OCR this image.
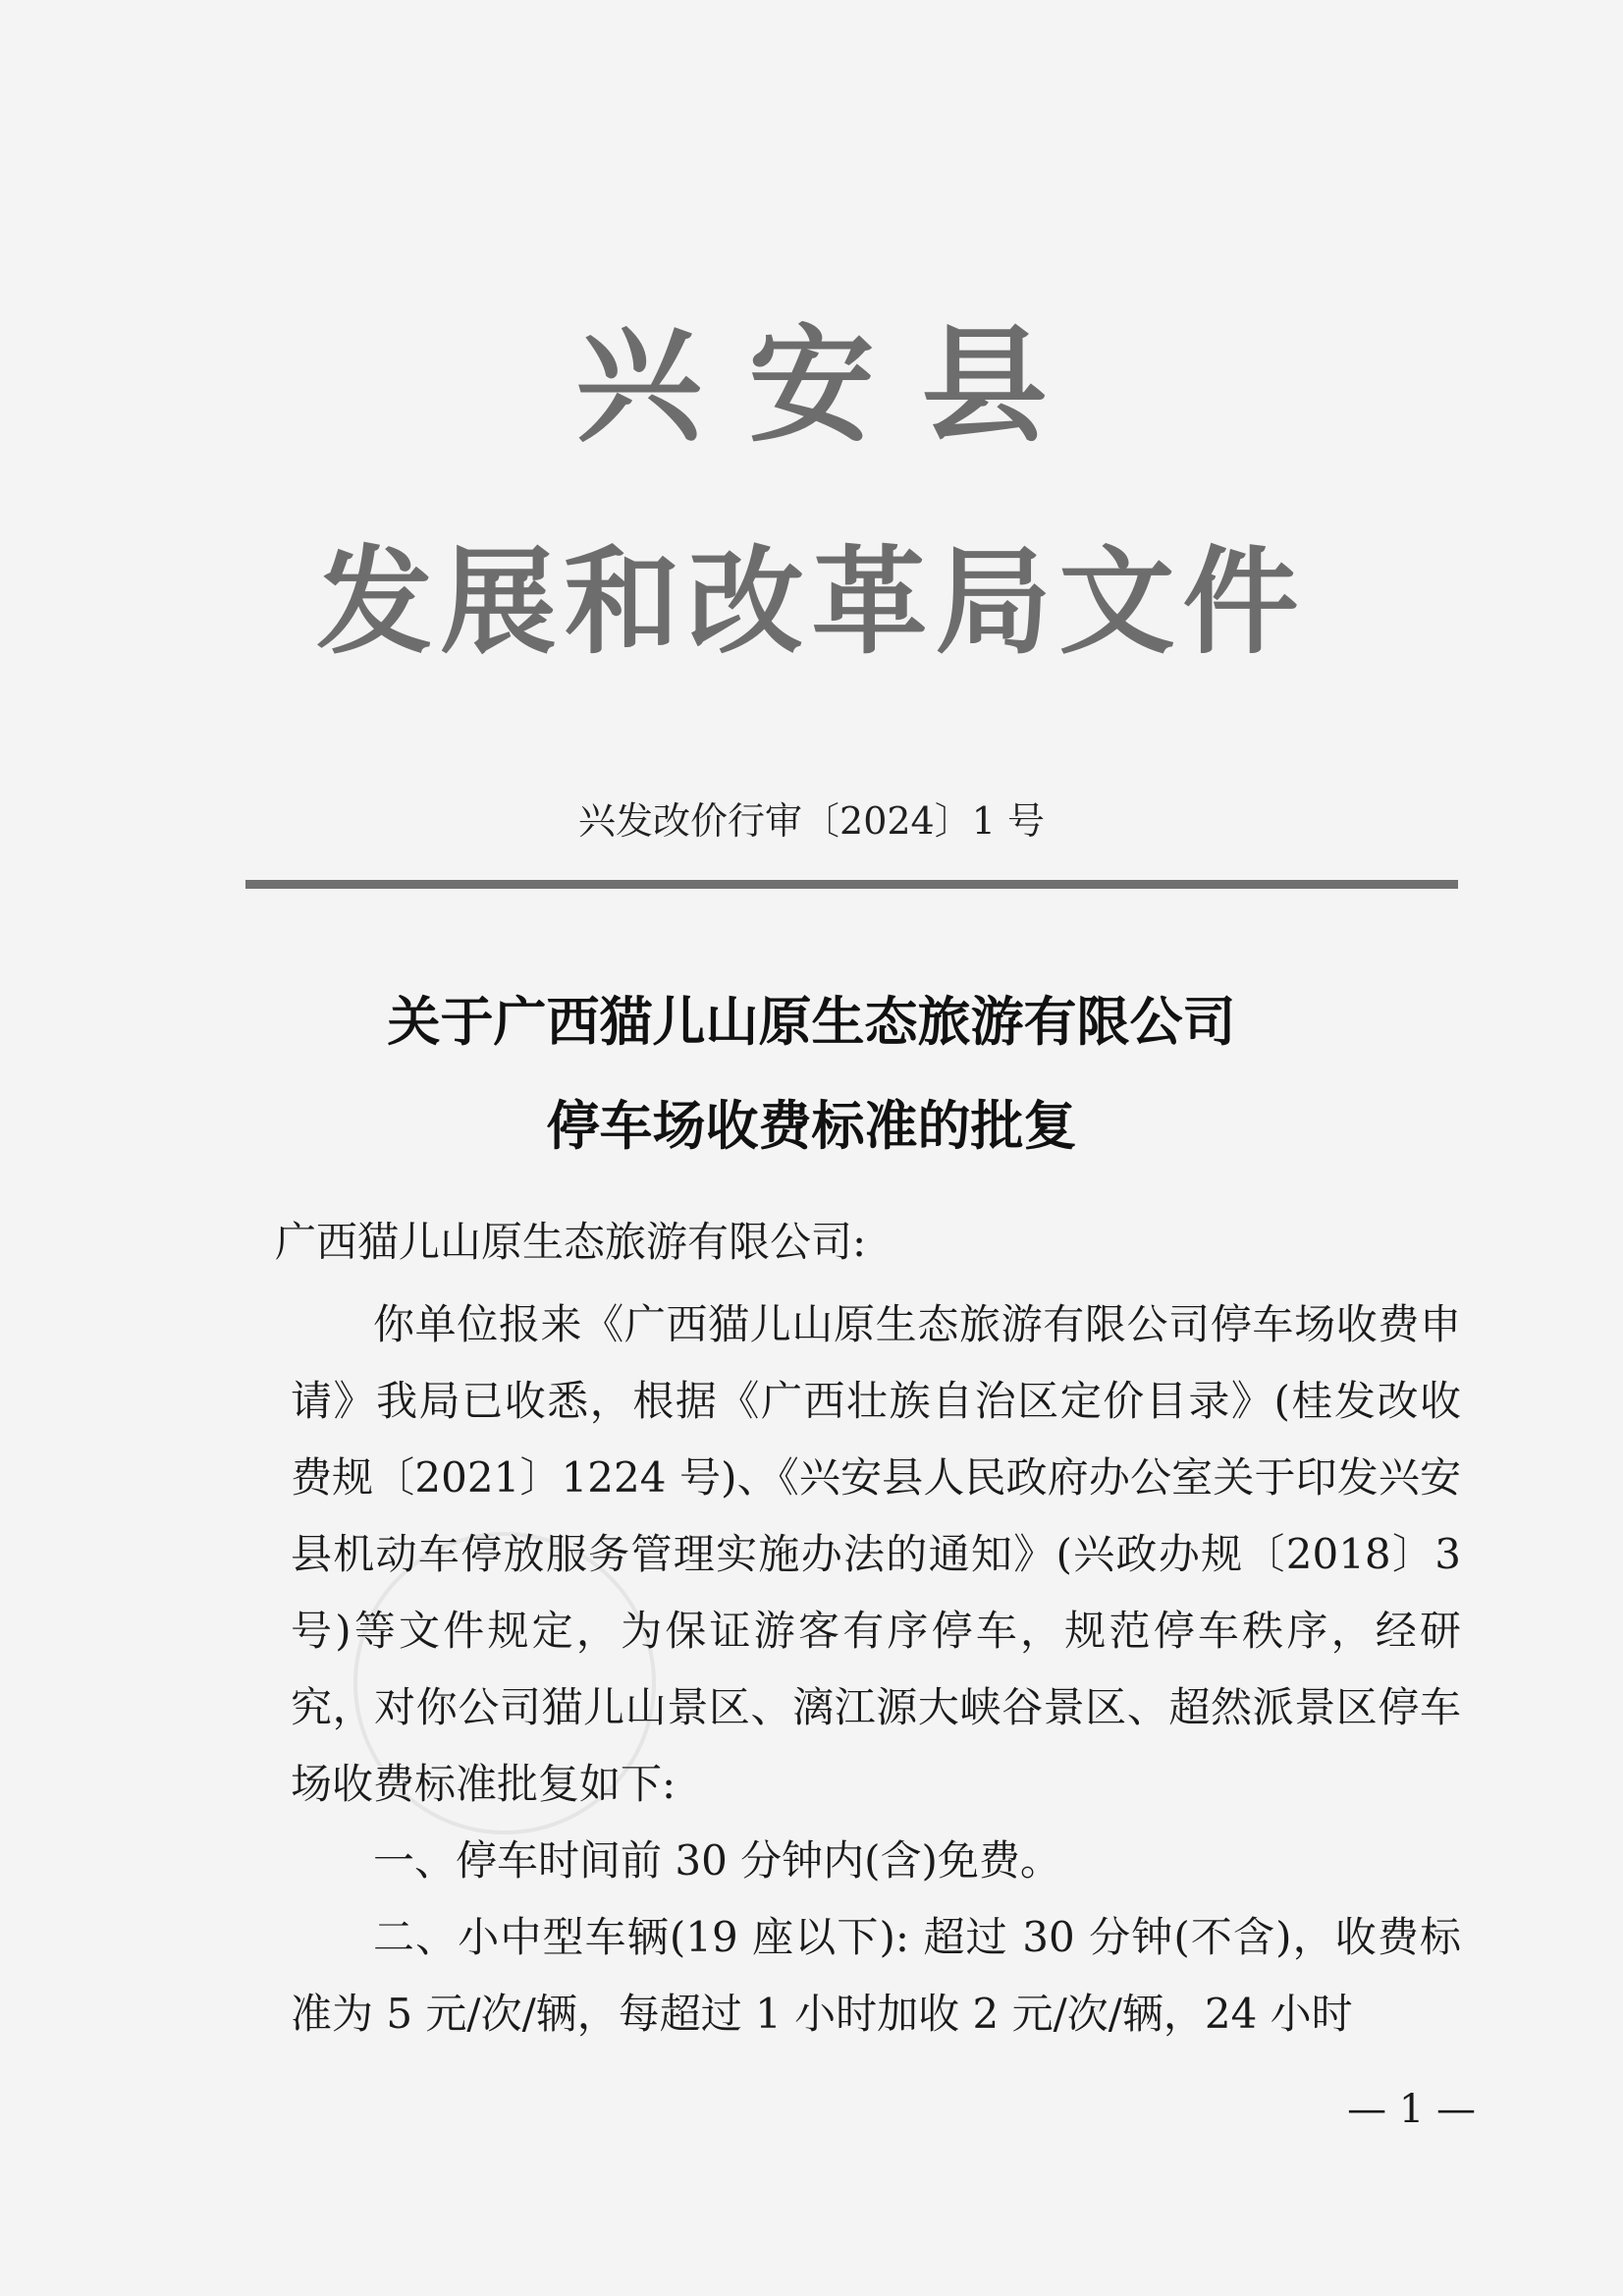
兴安县
发展和改革局文件
兴发改价行审〔2024〕1 号
关于广西猫儿山原生态旅游有限公司
停车场收费标准的批复
广西猫儿山原生态旅游有限公司:

你单位报来《广西猫儿山原生态旅游有限公司停车场收费申请》我局已收悉，根据《广西壮族自治区定价目录》(桂发改收费规〔2021〕1224 号)、《兴安县人民政府办公室关于印发兴安县机动车停放服务管理实施办法的通知》(兴政办规〔2018〕3 号)等文件规定，为保证游客有序停车，规范停车秩序，经研究，对你公司猫儿山景区、漓江源大峡谷景区、超然派景区停车场收费标准批复如下:

一、停车时间前 30 分钟内(含)免费。

二、小中型车辆(19 座以下): 超过 30 分钟(不含)，收费标准为 5 元/次/辆，每超过 1 小时加收 2 元/次/辆，24 小时

— 1 —
